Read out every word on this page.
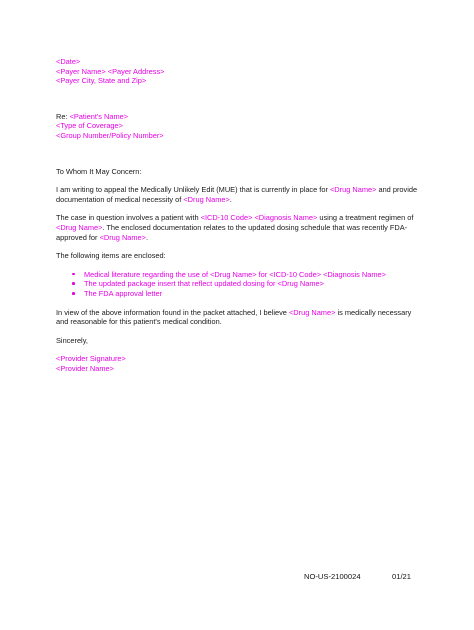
<Date>
<Payer Name> <Payer Address>
<Payer City, State and Zip>
Re: <Patient's Name>
<Type of Coverage>
<Group Number/Policy Number>

To Whom It May Concern:

I am writing to appeal the Medically Unlikely Edit (MUE) that is currently in place for <Drug Name> and provide documentation of medical necessity of <Drug Name>.

The case in question involves a patient with <ICD-10 Code> <Diagnosis Name> using a treatment regimen of <Drug Name>. The enclosed documentation relates to the updated dosing schedule that was recently FDA-approved for <Drug Name>.

The following items are enclosed:

Medical literature regarding the use of <Drug Name> for <ICD-10 Code> <Diagnosis Name>
The updated package insert that reflect updated dosing for <Drug Name>
The FDA approval letter

In view of the above information found in the packet attached, I believe <Drug Name> is medically necessary and reasonable for this patient's medical condition.

Sincerely,

<Provider Signature>
<Provider Name>
NO-US-2100024	01/21
